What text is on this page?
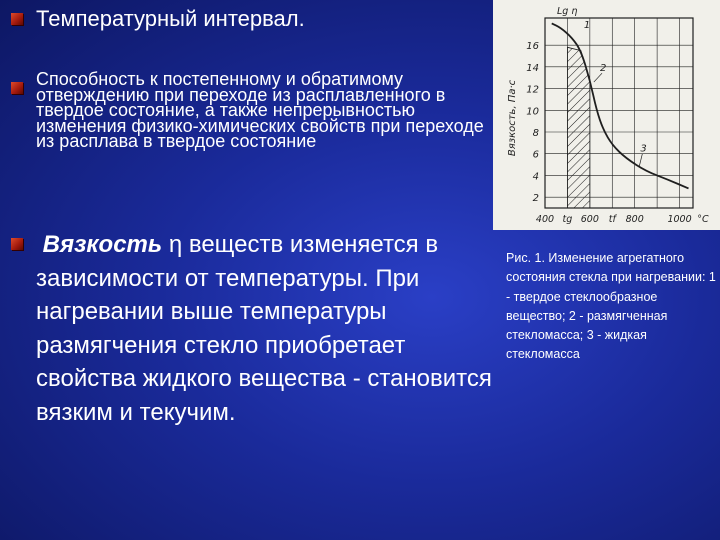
Температурный интервал.
Способность к постепенному и обратимому отверждению при переходе из расплавленного в твердое состояние, а также непрерывностью изменения физико-химических свойств при переходе из расплава в твердое состояние
Вязкость η веществ изменяется в зависимости от температуры. При нагревании выше температуры размягчения стекло приобретает свойства жидкого вещества - становится вязким и текучим.
2
4
6
8
10
12
14
16
400 tg 600 tf 800 1000 °C
Lg η
Вязкость, Па·с
1
2
3
Рис. 1. Изменение агрегатного состояния стекла при нагревании: 1 - твердое стеклообразное вещество; 2 - размягченная стекломасса; 3 - жидкая стекломасса
